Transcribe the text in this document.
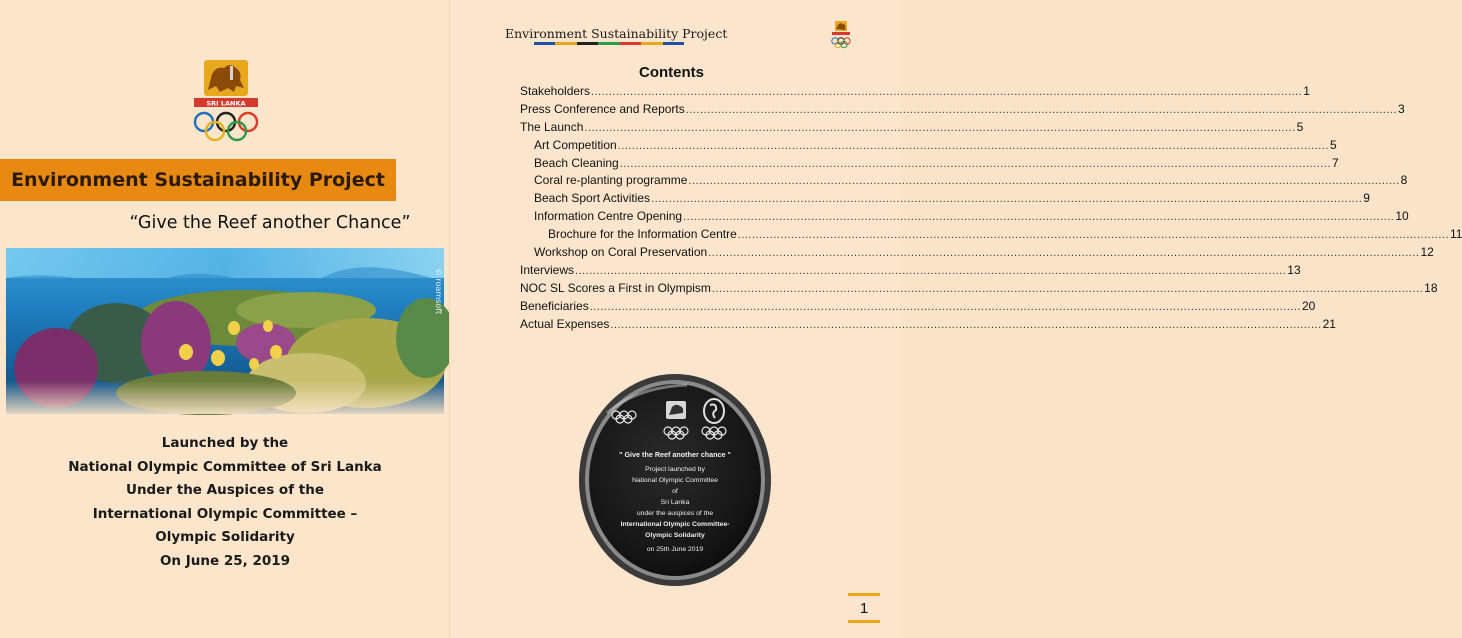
SRI LANKA
Environment Sustainability Project
“Give the Reef another Chance”
© roamsoft
Launched by the
National Olympic Committee of Sri Lanka
Under the Auspices of the
International Olympic Committee –
Olympic Solidarity
On June 25, 2019
Environment Sustainability Project
Contents
Stakeholders ........................................................................................................................................................................................................ 1
Press Conference and Reports ........................................................................................................................................................................................................ 3
The Launch ........................................................................................................................................................................................................ 5
Art Competition ........................................................................................................................................................................................................ 5
Beach Cleaning ........................................................................................................................................................................................................ 7
Coral re-planting programme ........................................................................................................................................................................................................ 8
Beach Sport Activities ........................................................................................................................................................................................................ 9
Information Centre Opening ........................................................................................................................................................................................................ 10
Brochure for the Information Centre ........................................................................................................................................................................................................ 11
Workshop on Coral Preservation ........................................................................................................................................................................................................ 12
Interviews ........................................................................................................................................................................................................ 13
NOC SL Scores a First in Olympism ........................................................................................................................................................................................................ 18
Beneficiaries ........................................................................................................................................................................................................ 20
Actual Expenses ........................................................................................................................................................................................................ 21
" Give the Reef another chance "
Project launched by
National Olympic Committee
of
Sri Lanka
under the auspices of the
International Olympic Committee-
Olympic Solidarity
on 25th June 2019
1
